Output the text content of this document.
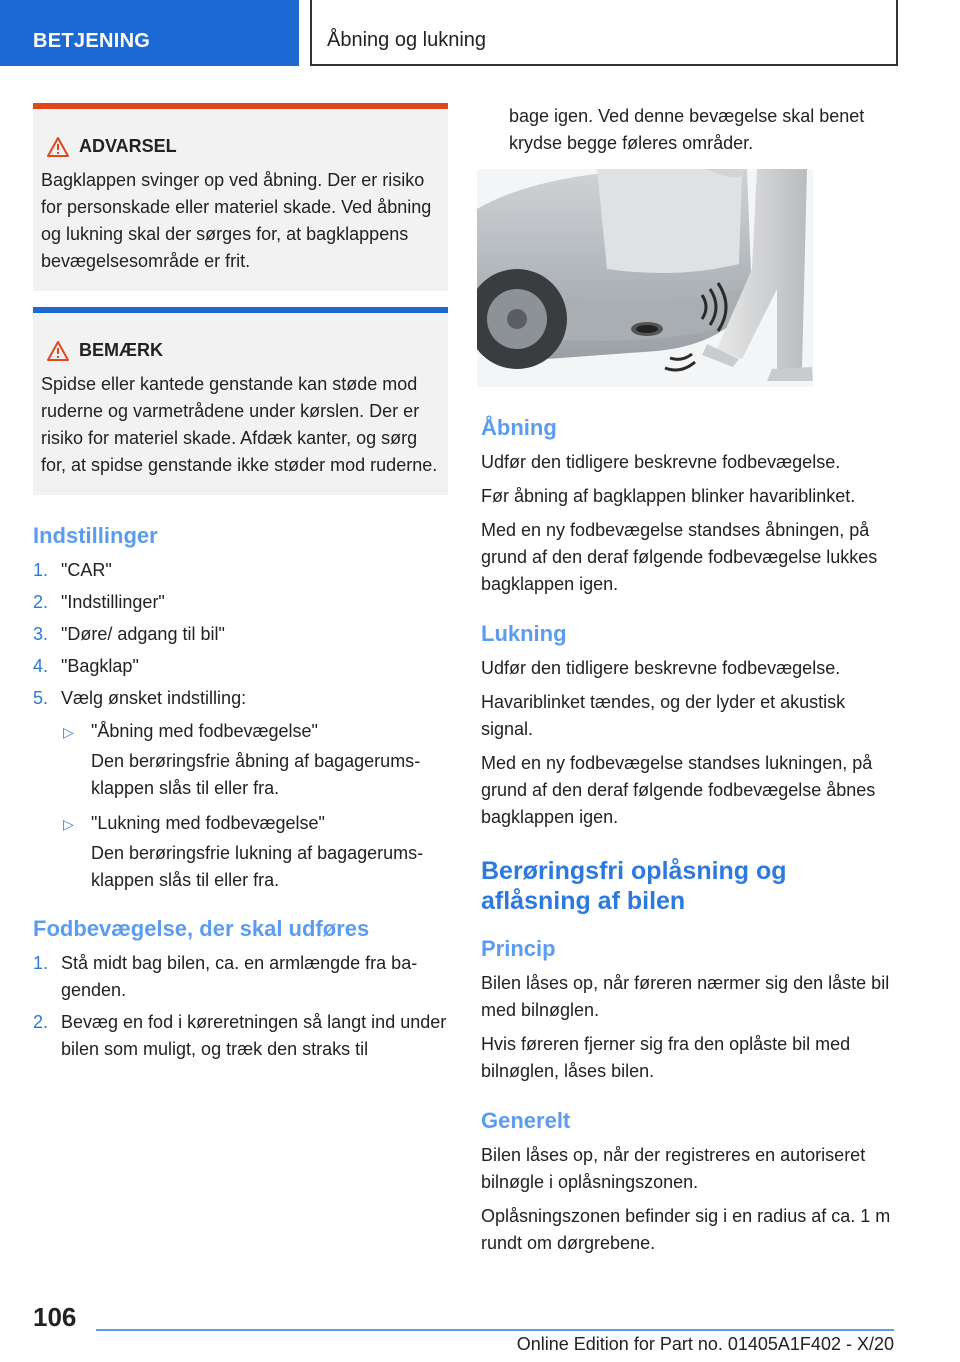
BETJENING	Åbning og lukning
ADVARSEL
Bagklappen svinger op ved åbning. Der er risiko for personskade eller materiel skade. Ved åbning og lukning skal der sørges for, at bagklappens bevægelsesområde er frit.
BEMÆRK
Spidse eller kantede genstande kan støde mod ruderne og varmetrådene under kørslen. Der er risiko for materiel skade. Afdæk kanter, og sørg for, at spidse genstande ikke støder mod ruderne.
Indstillinger
1. "CAR"
2. "Indstillinger"
3. "Døre/ adgang til bil"
4. "Bagklap"
5. Vælg ønsket indstilling:
▷ "Åbning med fodbevægelse"
Den berøringsfrie åbning af bagagerumsklappen slås til eller fra.
▷ "Lukning med fodbevægelse"
Den berøringsfrie lukning af bagagerumsklappen slås til eller fra.
Fodbevægelse, der skal udføres
1. Stå midt bag bilen, ca. en armlængde fra bagenden.
2. Bevæg en fod i køreretningen så langt ind under bilen som muligt, og træk den straks til

bage igen. Ved denne bevægelse skal benet krydse begge føleres områder.

Åbning

Udfør den tidligere beskrevne fodbevægelse.

Før åbning af bagklappen blinker havariblinket.

Med en ny fodbevægelse standses åbningen, på grund af den deraf følgende fodbevægelse lukkes bagklappen igen.

Lukning

Udfør den tidligere beskrevne fodbevægelse.

Havariblinket tændes, og der lyder et akustisk signal.

Med en ny fodbevægelse standses lukningen, på grund af den deraf følgende fodbevægelse åbnes bagklappen igen.

Berøringsfri oplåsning og aflåsning af bilen
Princip

Bilen låses op, når føreren nærmer sig den låste bil med bilnøglen.

Hvis føreren fjerner sig fra den oplåste bil med bilnøglen, låses bilen.

Generelt

Bilen låses op, når der registreres en autoriseret bilnøgle i oplåsningszonen.

Oplåsningszonen befinder sig i en radius af ca. 1 m rundt om dørgrebene.

106
Online Edition for Part no. 01405A1F402 - X/20
